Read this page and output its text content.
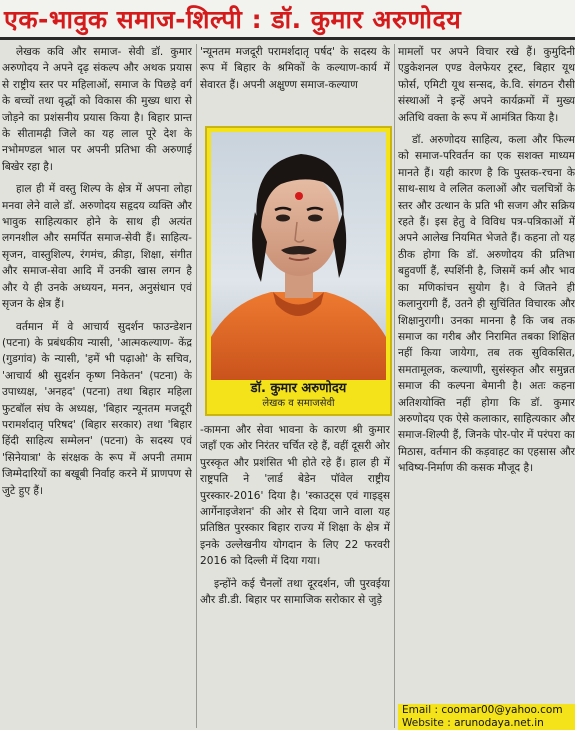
एक-भावुक समाज-शिल्पी : डॉ. कुमार अरुणोदय

लेखक कवि और समाज- सेवी डॉ. कुमार अरुणोदय ने अपने दृढ़ संकल्प और अथक प्रयास से राष्ट्रीय स्तर पर महिलाओं, समाज के पिछड़े वर्ग के बच्चों तथा वृद्धों को विकास की मुख्य धारा से जोड़ने का प्रशंसनीय प्रयास किया है। बिहार प्रान्त के सीतामढ़ी जिले का यह लाल पूरे देश के नभोमण्डल भाल पर अपनी प्रतिभा की अरुणाई बिखेर रहा है।

हाल ही में वस्तु शिल्प के क्षेत्र में अपना लोहा मनवा लेने वाले डॉ. अरुणोदय सहृदय व्यक्ति और भावुक साहित्यकार होने के साथ ही अत्यंत लगनशील और समर्पित समाज-सेवी हैं। साहित्य- सृजन, वास्तुशिल्प, रंगमंच, क्रीड़ा, शिक्षा, संगीत और समाज-सेवा आदि में उनकी खास लगन है और ये ही उनके अध्ययन, मनन, अनुसंधान एवं सृजन के क्षेत्र हैं।

वर्तमान में वे आचार्य सुदर्शन फाउन्डेशन (पटना) के प्रबंधकीय न्यासी, 'आत्मकल्याण- केंद्र (गुडगांव) के न्यासी, 'हमें भी पढ़ाओ' के सचिव, 'आचार्य श्री सुदर्शन कृष्ण निकेतन' (पटना) के उपाध्यक्ष, 'अनहद' (पटना) तथा बिहार महिला फुटबॉल संघ के अध्यक्ष, 'बिहार न्यूनतम मजदूरी परामर्शदातृ परिषद' (बिहार सरकार) तथा 'बिहार हिंदी साहित्य सम्मेलन' (पटना) के सदस्य एवं 'सिनेयात्रा' के संरक्षक के रूप में अपनी तमाम जिम्मेदारियों का बखूबी निर्वाह करने में प्राणपण से जुटे हुए हैं।

'न्यूनतम मजदूरी परामर्शदातृ पर्षद' के सदस्य के रूप में बिहार के श्रमिकों के कल्याण-कार्य में सेवारत हैं। अपनी अक्षुण्ण समाज-कल्याण

डॉ. कुमार अरुणोदय
लेखक व समाजसेवी

-कामना और सेवा भावना के कारण श्री कुमार जहाँ एक ओर निरंतर चर्चित रहे हैं, वहीं दूसरी ओर पुरस्कृत और प्रशंसित भी होते रहे हैं। हाल ही में राष्ट्रपति ने 'लार्ड बेडेन पॉवेल राष्ट्रीय पुरस्कार-2016' दिया है। 'स्काउट्स एवं गाइड्स आर्गेनाइजेशन' की ओर से दिया जाने वाला यह प्रतिष्ठित पुरस्कार बिहार राज्य में शिक्षा के क्षेत्र में इनके उल्लेखनीय योगदान के लिए 22 फरवरी 2016 को दिल्ली में दिया गया।

इन्होंने कई चैनलों तथा दूरदर्शन, जी पुरवईया और डी.डी. बिहार पर सामाजिक सरोकार से जुड़े

मामलों पर अपने विचार रखे हैं। कुमुदिनी एडुकेशनल एण्ड वेलफेयर ट्रस्ट, बिहार यूथ फोर्स, एमिटी यूथ सन्सद, के.वि. संगठन रौसी संस्थाओं ने इन्हें अपने कार्यक्रमों में मुख्य अतिथि वक्ता के रूप में आमंत्रित किया है।

डॉ. अरुणोदय साहित्य, कला और फिल्म को समाज-परिवर्तन का एक सशक्त माध्यम मानते हैं। यही कारण है कि पुस्तक-रचना के साथ-साथ वे ललित कलाओं और चलचित्रों के स्तर और उत्थान के प्रति भी सजग और सक्रिय रहते हैं। इस हेतु वे विविध पत्र-पत्रिकाओं में अपने आलेख नियमित भेजते हैं। कहना तो यह ठीक होगा कि डॉ. अरुणोदय की प्रतिभा बहुवर्णी हैं, स्पर्शिनी है, जिसमें कर्म और भाव का मणिकांचन सुयोग है। वे जितने ही कलानुरागी हैं, उतने ही सुचिंतित विचारक और शिक्षानुरागी। उनका मानना है कि जब तक समाज का गरीब और निरामित तबका शिक्षित नहीं किया जायेगा, तब तक सुविकसित, समतामूलक, कल्याणी, सुसंस्कृत और समुन्नत समाज की कल्पना बेमानी है। अतः कहना अतिशयोक्ति नहीं होगा कि डॉ. कुमार अरुणोदय एक ऐसे कलाकार, साहित्यकार और समाज-शिल्पी हैं, जिनके पोर-पोर में परंपरा का मिठास, वर्तमान की कड़वाहट का एहसास और भविष्य-निर्माण की कसक मौजूद है।

Email : coomar00@yahoo.com
Website : arunodaya.net.in
